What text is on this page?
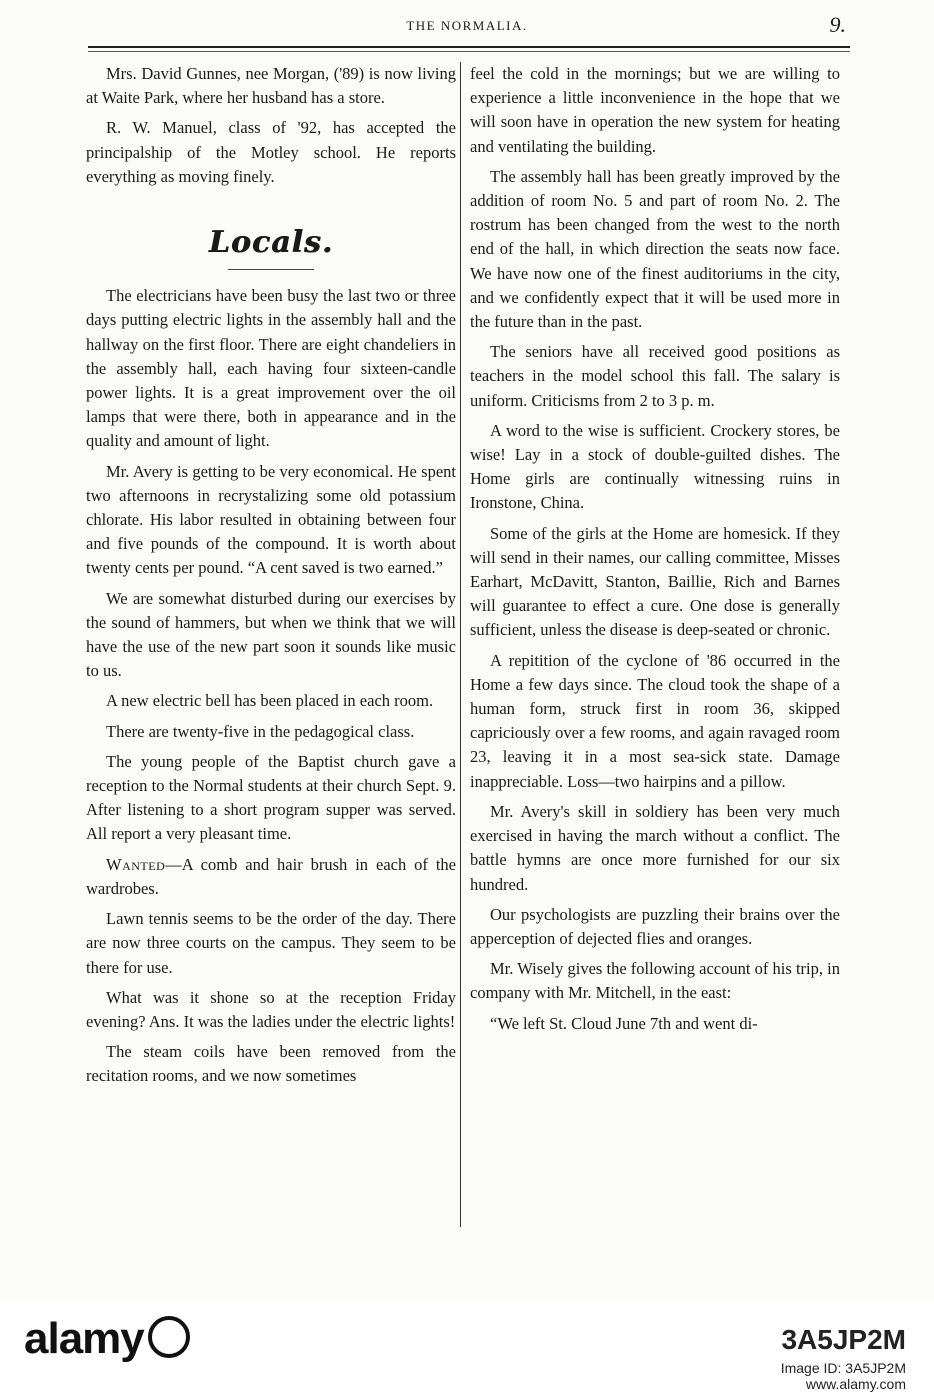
THE NORMALIA.	9.

Mrs. David Gunnes, nee Morgan, ('89) is now living at Waite Park, where her husband has a store.

R. W. Manuel, class of '92, has accepted the principalship of the Motley school. He reports everything as moving finely.

Locals.

The electricians have been busy the last two or three days putting electric lights in the assembly hall and the hallway on the first floor. There are eight chandeliers in the assembly hall, each having four sixteen-candle power lights. It is a great improvement over the oil lamps that were there, both in appearance and in the quality and amount of light.

Mr. Avery is getting to be very economical. He spent two afternoons in recrystalizing some old potassium chlorate. His labor resulted in obtaining between four and five pounds of the compound. It is worth about twenty cents per pound. “A cent saved is two earned.”

We are somewhat disturbed during our exercises by the sound of hammers, but when we think that we will have the use of the new part soon it sounds like music to us.

A new electric bell has been placed in each room.

There are twenty-five in the pedagogical class.

The young people of the Baptist church gave a reception to the Normal students at their church Sept. 9. After listening to a short program supper was served. All report a very pleasant time.

Wanted—A comb and hair brush in each of the wardrobes.

Lawn tennis seems to be the order of the day. There are now three courts on the campus. They seem to be there for use.

What was it shone so at the reception Friday evening? Ans. It was the ladies under the electric lights!

The steam coils have been removed from the recitation rooms, and we now sometimes

feel the cold in the mornings; but we are willing to experience a little inconvenience in the hope that we will soon have in operation the new system for heating and ventilating the building.

The assembly hall has been greatly improved by the addition of room No. 5 and part of room No. 2. The rostrum has been changed from the west to the north end of the hall, in which direction the seats now face. We have now one of the finest auditoriums in the city, and we confidently expect that it will be used more in the future than in the past.

The seniors have all received good positions as teachers in the model school this fall. The salary is uniform. Criticisms from 2 to 3 p. m.

A word to the wise is sufficient. Crockery stores, be wise! Lay in a stock of double-guilted dishes. The Home girls are continually witnessing ruins in Ironstone, China.

Some of the girls at the Home are homesick. If they will send in their names, our calling committee, Misses Earhart, McDavitt, Stanton, Baillie, Rich and Barnes will guarantee to effect a cure. One dose is generally sufficient, unless the disease is deep-seated or chronic.

A repitition of the cyclone of '86 occurred in the Home a few days since. The cloud took the shape of a human form, struck first in room 36, skipped capriciously over a few rooms, and again ravaged room 23, leaving it in a most sea-sick state. Damage inappreciable. Loss—two hairpins and a pillow.

Mr. Avery's skill in soldiery has been very much exercised in having the march without a conflict. The battle hymns are once more furnished for our six hundred.

Our psychologists are puzzling their brains over the apperception of dejected flies and oranges.

Mr. Wisely gives the following account of his trip, in company with Mr. Mitchell, in the east:

“We left St. Cloud June 7th and went di-

alamy	3A5JP2M
Image ID: 3A5JP2M
www.alamy.com
